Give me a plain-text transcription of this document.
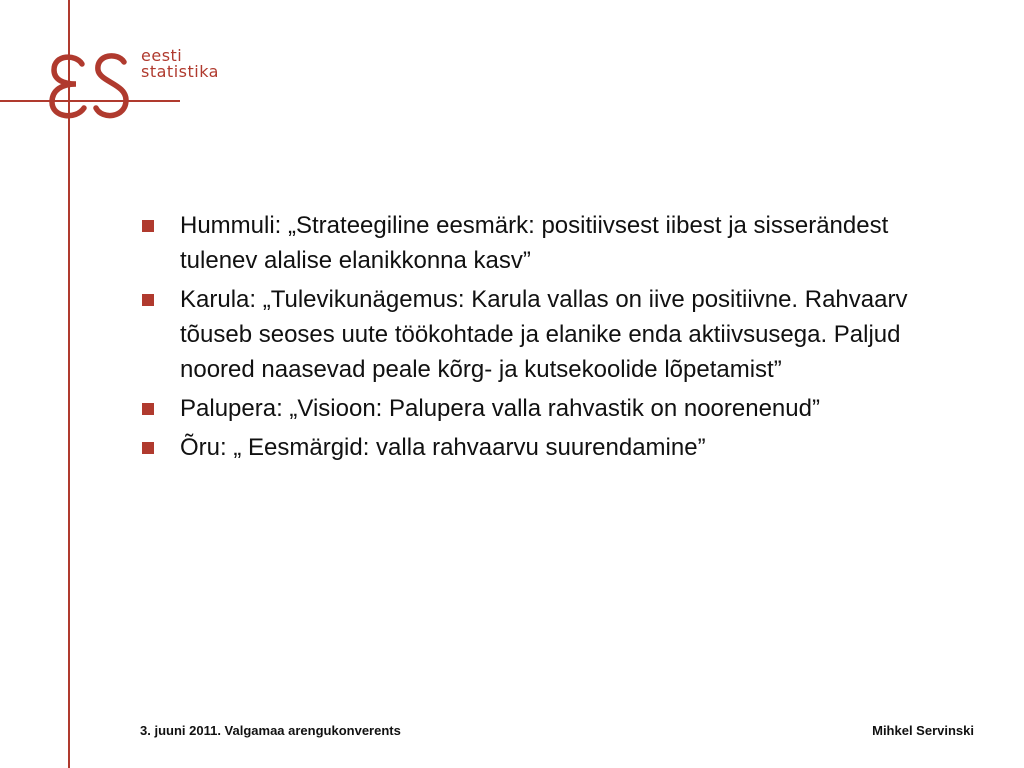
eesti
statistika
Hummuli: „Strateegiline eesmärk: positiivsest iibest ja sisserändest tulenev alalise elanikkonna kasv”
Karula: „Tulevikunägemus: Karula vallas on iive positiivne. Rahvaarv tõuseb seoses uute töökohtade ja elanike enda aktiivsusega. Paljud noored naasevad peale kõrg- ja kutsekoolide lõpetamist”
Palupera: „Visioon: Palupera valla rahvastik on noorenenud”
Õru: „ Eesmärgid: valla rahvaarvu suurendamine”
3. juuni 2011. Valgamaa arengukonverents	Mihkel Servinski
